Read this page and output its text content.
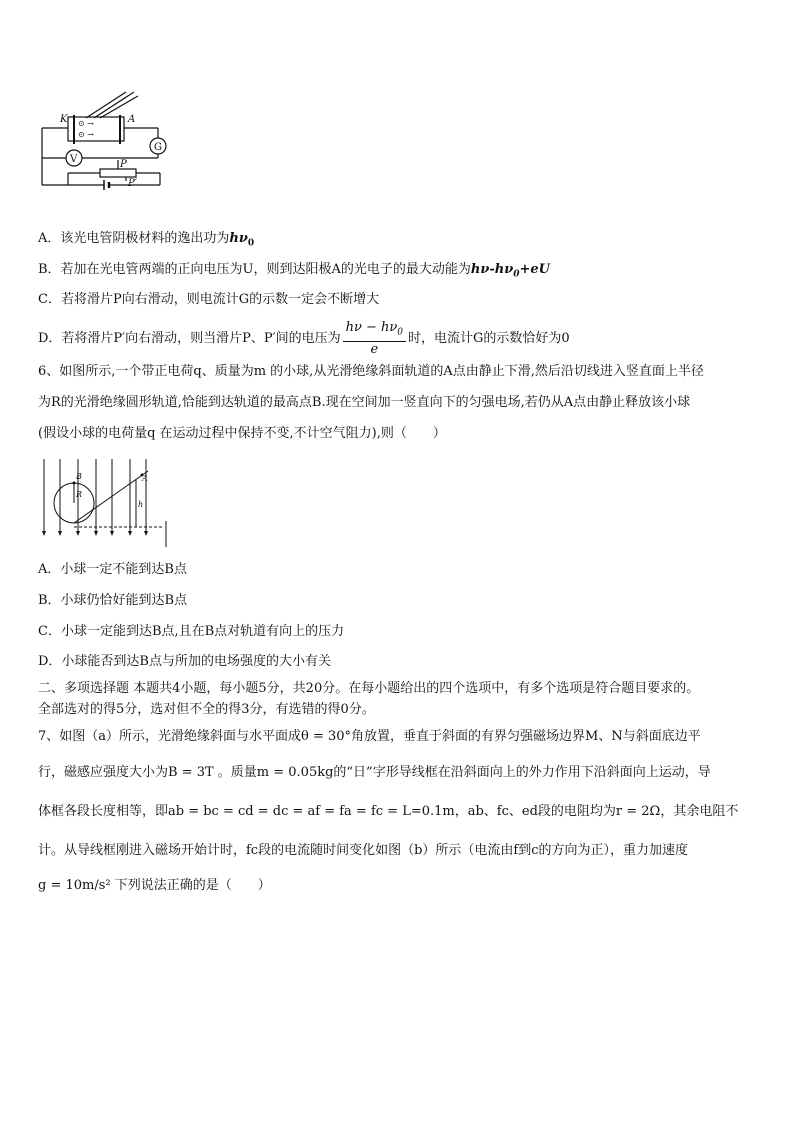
K	A
G
V	P
P′
⊙ →
⊙ →
A．该光电管阴极材料的逸出功为$h\nu_0$
B．若加在光电管两端的正向电压为U，则到达阳极A的光电子的最大动能为$h\nu-h\nu_0+eU$
C．若将滑片P向右滑动，则电流计G的示数一定会不断增大
D．若将滑片P′向右滑动，则当滑片P、P′间的电压为 $\frac{h\nu - h\nu_0}{e}$ 时，电流计G的示数恰好为0
6、如图所示,一个带正电荷q、质量为m 的小球,从光滑绝缘斜面轨道的A点由静止下滑,然后沿切线进入竖直面上半径
为R的光滑绝缘圆形轨道,恰能到达轨道的最高点B.现在空间加一竖直向下的匀强电场,若仍从A点由静止释放该小球
(假设小球的电荷量q 在运动过程中保持不变,不计空气阻力),则（　　）
B
R
A
h
A．小球一定不能到达B点
B．小球仍恰好能到达B点
C．小球一定能到达B点,且在B点对轨道有向上的压力
D．小球能否到达B点与所加的电场强度的大小有关
二、多项选择题 本题共4小题，每小题5分，共20分。在每小题给出的四个选项中，有多个选项是符合题目要求的。
全部选对的得5分，选对但不全的得3分，有选错的得0分。
7、如图（a）所示，光滑绝缘斜面与水平面成θ = 30°角放置，垂直于斜面的有界匀强磁场边界M、N与斜面底边平
行，磁感应强度大小为B = 3T 。质量m = 0.05kg的“日”字形导线框在沿斜面向上的外力作用下沿斜面向上运动，导
体框各段长度相等，即ab = bc = cd = dc = af = fa = fc = L=0.1m，ab、fc、ed段的电阻均为r = 2Ω，其余电阻不
计。从导线框刚进入磁场开始计时，fc段的电流随时间变化如图（b）所示（电流由f到c的方向为正），重力加速度
g = 10m/s² 下列说法正确的是（　　）
